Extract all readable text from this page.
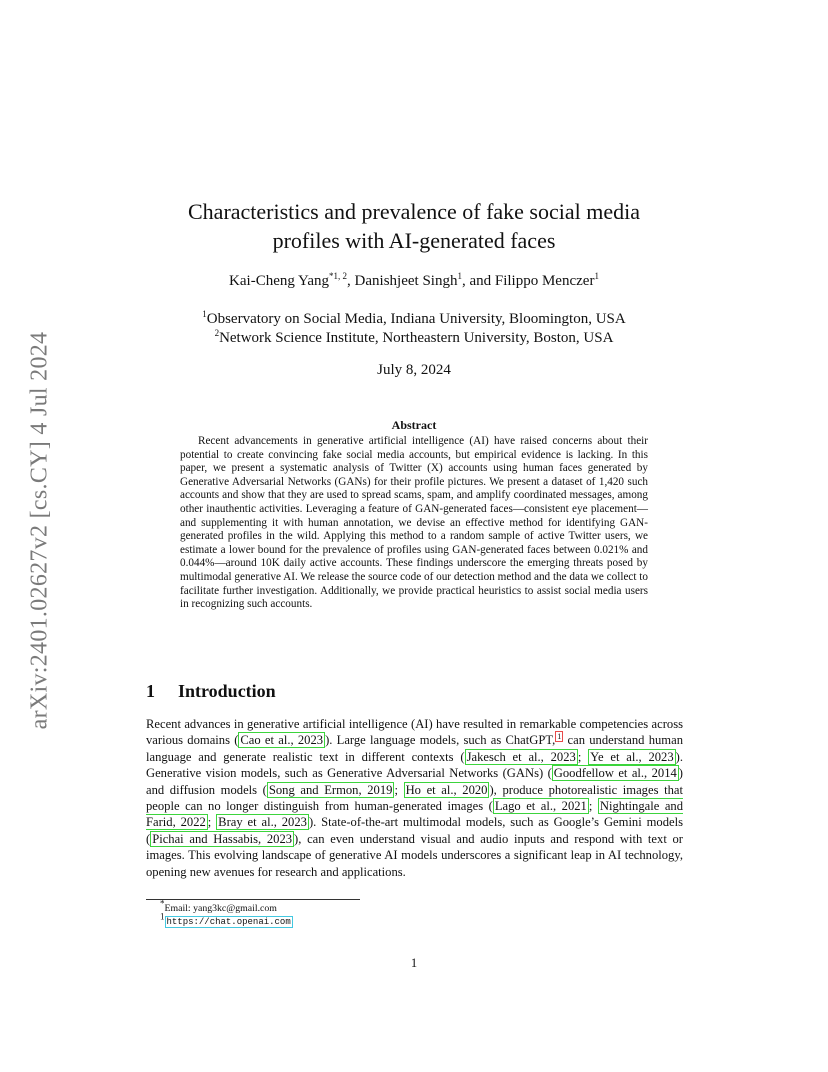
arXiv:2401.02627v2 [cs.CY] 4 Jul 2024
Characteristics and prevalence of fake social media
profiles with AI-generated faces
Kai-Cheng Yang$^{*1, 2}$, Danishjeet Singh$^1$, and Filippo Menczer$^1$
$^1$Observatory on Social Media, Indiana University, Bloomington, USA
$^2$Network Science Institute, Northeastern University, Boston, USA
July 8, 2024
Abstract

Recent advancements in generative artificial intelligence (AI) have raised concerns about their potential to create convincing fake social media accounts, but empirical evidence is lacking. In this paper, we present a systematic analysis of Twitter (X) accounts using human faces generated by Generative Adversarial Networks (GANs) for their profile pictures. We present a dataset of 1,420 such accounts and show that they are used to spread scams, spam, and amplify coordinated messages, among other inauthentic activities. Leveraging a feature of GAN-generated faces—consistent eye placement—and supplementing it with human annotation, we devise an effective method for identifying GAN-generated profiles in the wild. Applying this method to a random sample of active Twitter users, we estimate a lower bound for the prevalence of profiles using GAN-generated faces between 0.021% and 0.044%—around 10K daily active accounts. These findings underscore the emerging threats posed by multimodal generative AI. We release the source code of our detection method and the data we collect to facilitate further investigation. Additionally, we provide practical heuristics to assist social media users in recognizing such accounts.

1 Introduction

Recent advances in generative artificial intelligence (AI) have resulted in remarkable competencies across various domains ( Cao et al., 2023 ). Large language models, such as ChatGPT, $^1$ can understand human language and generate realistic text in different contexts ( Jakesch et al., 2023 ; Ye et al., 2023 ). Generative vision models, such as Generative Adversarial Networks (GANs) ( Goodfellow et al., 2014 ) and diffusion models ( Song and Ermon, 2019 ; Ho et al., 2020 ), produce photorealistic images that people can no longer distinguish from human-generated images ( Lago et al., 2021 ; Nightingale and Farid, 2022 ; Bray et al., 2023 ). State-of-the-art multimodal models, such as Google’s Gemini models ( Pichai and Hassabis, 2023 ), can even understand visual and audio inputs and respond with text or images. This evolving landscape of generative AI models underscores a significant leap in AI technology, opening new avenues for research and applications.

*Email: yang3kc@gmail.com
$^1$https://chat.openai.com
1
